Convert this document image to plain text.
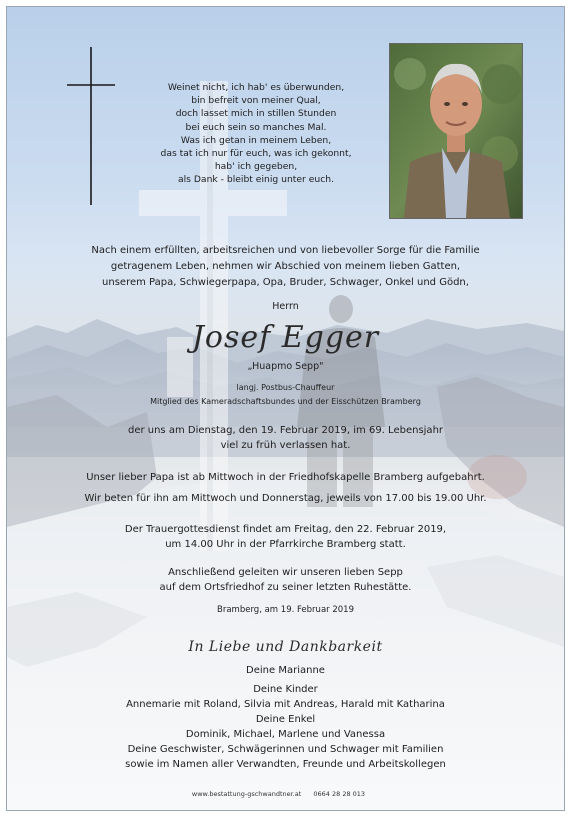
Weinet nicht, ich hab' es überwunden,
bin befreit von meiner Qual,
doch lasset mich in stillen Stunden
bei euch sein so manches Mal.
Was ich getan in meinem Leben,
das tat ich nur für euch, was ich gekonnt,
hab' ich gegeben,
als Dank - bleibt einig unter euch.
Nach einem erfüllten, arbeitsreichen und von liebevoller Sorge für die Familie
getragenem Leben, nehmen wir Abschied von meinem lieben Gatten,
unserem Papa, Schwiegerpapa, Opa, Bruder, Schwager, Onkel und Gödn,
Herrn
Josef Egger
„Huapmo Sepp"
langj. Postbus-Chauffeur
Mitglied des Kameradschaftsbundes und der Eisschützen Bramberg
der uns am Dienstag, den 19. Februar 2019, im 69. Lebensjahr
viel zu früh verlassen hat.
Unser lieber Papa ist ab Mittwoch in der Friedhofskapelle Bramberg aufgebahrt.
Wir beten für ihn am Mittwoch und Donnerstag, jeweils von 17.00 bis 19.00 Uhr.
Der Trauergottesdienst findet am Freitag, den 22. Februar 2019,
um 14.00 Uhr in der Pfarrkirche Bramberg statt.
Anschließend geleiten wir unseren lieben Sepp
auf dem Ortsfriedhof zu seiner letzten Ruhestätte.
Bramberg, am 19. Februar 2019
In Liebe und Dankbarkeit
Deine Marianne
Deine Kinder
Annemarie mit Roland, Silvia mit Andreas, Harald mit Katharina
Deine Enkel
Dominik, Michael, Marlene und Vanessa
Deine Geschwister, Schwägerinnen und Schwager mit Familien
sowie im Namen aller Verwandten, Freunde und Arbeitskollegen
www.bestattung-gschwandtner.at 0664 28 28 013
